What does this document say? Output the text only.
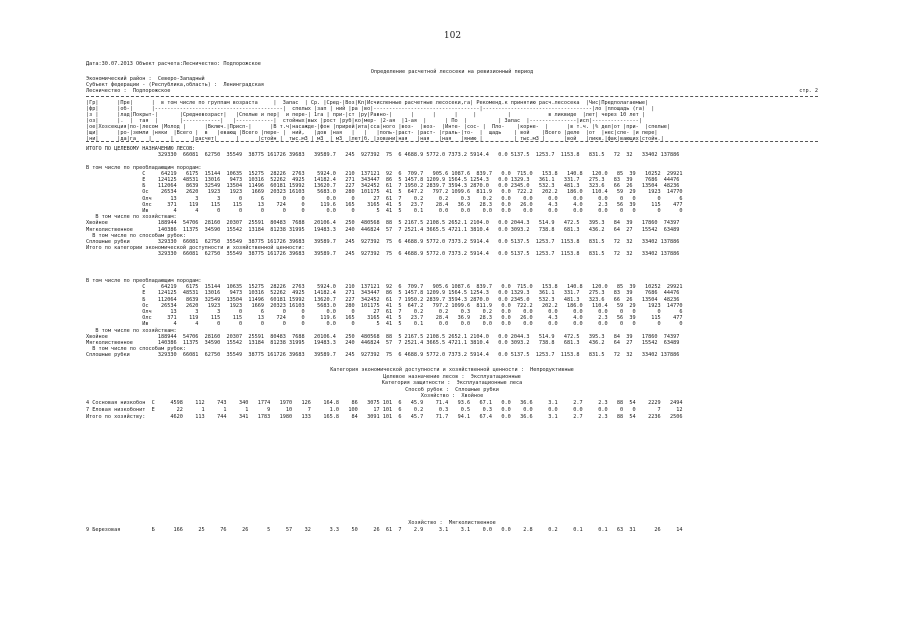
102
Дата:30.07.2013 Объект расчета:Лесничество: Подпорожское
Определение расчетной лесосеки на ревизионный период
Экономический район :  Северо-Западный
Субъект федерации - (Республика,область) :  Ленинградская
Лесничество :  Подпорожское	стр. 2
|Гр|      |Пре|      |  в том числе по группам возраста     |  Запас  | Ср. |Сред-|Воз|Кл|Исчисленные расчетные лесосеки,га| Рекоменд.к принятию расч.лесосека  |Чис|Предполагаемые|
|фр|      |об-|      |-----------------------------------------|  спелых |зап | ний |ра |во|----------------------------------|-----------------------------------|лo |площадь (га)  |
|з |      |лад|Покрыт-|       |Средневозраст|   |Спелые и пер|  и пере-| 1га | при-|ст |ру|Равно-|      |      |      |     |          |            в ликвиде  |лет| через 10 лет |
|оз|      |.  |  тая  |       |------------|   |------------|  стойных|вых |рост |руб|ко|мер- |2-ая  |1-ая  |      | По  |          | Запас  |---------------|исп|---------------|
|ое|Хозсекция|по-|лесом |Молод |      |Включ.|Присп-|      |В т.ч|насажде-|фон |прирей|ита|сса|ного |воз-  |воз-  |Инте- |сос- |  Пло-    |корне-  |      |в т.ч. |% дел|от |при-  |спелые|
|щи|      |ро-|земли |няки  |Всего |  в   |евающ |Всего |пере- |  ний,   |дов |ная   |   |   |поль-|раст- |раст- |грaль-|то-  |  щадь    | вой    |Всего |деле  |от  |нес|спе- |и пере|
|ни|      |да|га    |      |      |расчет|      |      |стойн |  тыс.м3 | м3  | м3  |лет|б. |зовани|ная   |ная   |ная   |янию |          | тыс.м3 |      |вой   |ликв.|фак|вающих|стойн.|
ИТОГО ПО ЦЕЛЕВОМУ НАЗНАЧЕНИЮ ЛЕСОВ:
329330  66081  62750  35549  38775 161726 39683   39589.7   245  927392  75  6 4688.9 5772.0 7373.2 5914.4   0.0 5137.5  1253.7  1153.8   831.5   72  32   33402 137886
В том числе по преобладающим породам:
С     64219   6175  15144  10635  15275  28226  2763    5924.0   210  137121  92  6  709.7   905.6 1087.6  839.7   0.0  715.0   153.8   140.8   120.0   85  39   10252  29921
Е    124125  48531  13016   9473  10316  52262  4925   14182.4   271  343447  86  5 1457.8 1209.9 1564.5 1254.3   0.0 1329.3   361.1   331.7   275.3   83  39    7686  44476
Б    112064   8639  32549  13504  11496  60181 15992   13620.7   227  342452  61  7 1950.2 2839.7 3594.3 2870.0   0.0 2345.0   532.3   481.3   323.6   66  26   13504  48236
Ос    26534   2620   1923   1923   1669  20323 16103    5683.0   280  101175  41  5  647.2   797.2 1099.6  811.9   0.0  722.2   202.2   186.0   110.4   59  29    1923  14770
Олч      13      3      3      0      6      0     0       0.0     0      27  61  7    0.2     0.2    0.3    0.2   0.0    0.0     0.0     0.0     0.0    0   0       0      6
Олс     371    119    115    115     13    724     0     119.6   165    3165  41  5   23.7    28.4   36.9   28.3   0.0   26.0     4.3     4.0     2.3   56  39     115    477
Ив        4      4      0      0      0      0     0       0.0     0       5  41  5    0.1     0.0    0.0    0.0   0.0    0.0     0.0     0.0     0.0    0   0       0      0
В том числе по хозяйствам:
Хвойное                188944  54706  28160  20307  25591  80483  7688   20106.4   250  480568  88  5 2167.5 2108.5 2652.1 2104.0   0.0 2044.3   514.9   472.5   395.3   84  39   17860  74397
Мягколиственное        140386  11375  34590  15542  13184  81238 31995   19483.3   240  446824  57  7 2521.4 3665.5 4721.1 3810.4   0.0 3093.2   738.8   681.3   436.2   64  27   15542  63489
В том числе по способам рубок:
Сплошные рубки         329330  66081  62750  35549  38775 161726 39683   39589.7   245  927392  75  6 4688.9 5772.0 7373.2 5914.4   0.0 5137.5  1253.7  1153.8   831.5   72  32   33402 137886
Итого по категории экономической доступности и хозяйственной ценности:
329330  66081  62750  35549  38775 161726 39683   39589.7   245  927392  75  6 4688.9 5772.0 7373.2 5914.4   0.0 5137.5  1253.7  1153.8   831.5   72  32   33402 137886
В том числе по преобладающим породам:
С     64219   6175  15144  10635  15275  28226  2763    5924.0   210  137121  92  6  709.7   905.6 1087.6  839.7   0.0  715.0   153.8   140.8   120.0   85  39   10252  29921
Е    124125  48531  13016   9473  10316  52262  4925   14182.4   271  343447  86  5 1457.8 1209.9 1564.5 1254.3   0.0 1329.3   361.1   331.7   275.3   83  39    7686  44476
Б    112064   8639  32549  13504  11496  60181 15992   13620.7   227  342452  61  7 1950.2 2839.7 3594.3 2870.0   0.0 2345.0   532.3   481.3   323.6   66  26   13504  48236
Ос    26534   2620   1923   1923   1669  20323 16103    5683.0   280  101175  41  5  647.2   797.2 1099.6  811.9   0.0  722.2   202.2   186.0   110.4   59  29    1923  14770
Олч      13      3      3      0      6      0     0       0.0     0      27  61  7    0.2     0.2    0.3    0.2   0.0    0.0     0.0     0.0     0.0    0   0       0      6
Олс     371    119    115    115     13    724     0     119.6   165    3165  41  5   23.7    28.4   36.9   28.3   0.0   26.0     4.3     4.0     2.3   56  39     115    477
Ив        4      4      0      0      0      0     0       0.0     0       5  41  5    0.1     0.0    0.0    0.0   0.0    0.0     0.0     0.0     0.0    0   0       0      0
В том числе по хозяйствам:
Хвойное                188944  54706  28160  20307  25591  80483  7688   20106.4   250  480568  88  5 2167.5 2108.5 2652.1 2104.0   0.0 2044.3   514.9   472.5   395.3   84  39   17860  74397
Мягколиственное        140386  11375  34590  15542  13184  81238 31995   19483.3   240  446824  57  7 2521.4 3665.5 4721.1 3810.4   0.0 3093.2   738.8   681.3   436.2   64  27   15542  63489
В том числе по способам рубок:
Сплошные рубки         329330  66081  62750  35549  38775 161726 39683   39589.7   245  927392  75  6 4688.9 5772.0 7373.2 5914.4   0.0 5137.5  1253.7  1153.8   831.5   72  32   33402 137886
Категория экономической доступности и хозяйственной ценности :  Непродуктивные
Целевое назначение лесов :  Эксплуатационные
Категория защитности :  Эксплуатационные леса
Способ рубок :  Сплошные рубки
Хозяйство :  Хвойное
4 Сосновая низкобон  С     4598    112    743    340   1774   1970   126    164.8    86   3075 101  6   45.9    71.4   93.6   67.1   0.0   36.6     3.1     2.7     2.3   88  54    2229   2494
7 Еловая низкобонит  Е       22      1      1      1      9     10     7      1.0   100     17 101  6    0.2     0.3    0.5    0.3   0.0    0.0     0.0     0.0     0.0    0   0       7     12
Итого по хозяйству:        4620    113    744    341   1783   1980   133    165.8    84   3091 101  6   45.7    71.7   94.1   67.4   0.0   36.6     3.1     2.7     2.3   88  54    2236   2506
Хозяйство :  Мягколиственное
9 Березовая          Б      166     25     76     26      5     57    32      3.3    50     26  61  7    2.9     3.1    3.1    0.0   0.0    2.8     0.2     0.1     0.1   63  31      26     14
